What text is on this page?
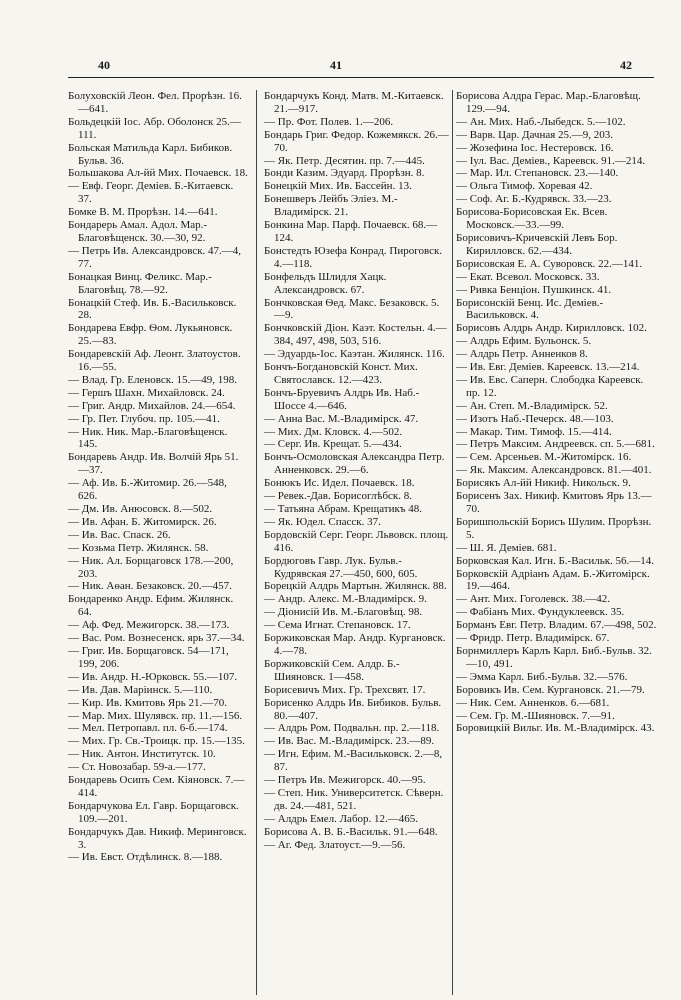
40	41	42

Болуховскій Леон. Фел. Прорѣзн. 16.—641.

Больдецкій Іос. Абр. Оболонск 25.—111.

Больская Матильда Карл. Бибиков. Бульв. 36.

Большакова Ал-йй Мих. Почаевск. 18.

— Евф. Георг. Деміев. Б.-Китаевск. 37.

Бомке В. М. Прорѣзн. 14.—641.

Бондарерь Амал. Адол. Мар.-Благовѣщенск. 30.—30, 92.

— Петрь Ив. Александровск. 47.—4, 77.

Бонацкая Винц. Феликс. Мар.-Благовѣщ. 78.—92.

Бонацкій Стеф. Ив. Б.-Васильковск. 28.

Бондарева Евфр. Ѳом. Лукьяновск. 25.—83.

Бондаревскій Аф. Леонт. Златоустов. 16.—55.

— Влад. Гр. Еленовск. 15.—49, 198.

— Гершъ Шахн. Михайловск. 24.

— Григ. Андр. Михайлов. 24.—654.

— Гр. Пет. Глубоч. пр. 105.—41.

— Ник. Ник. Мар.-Благовѣщенск. 145.

Бондаревь Андр. Ив. Волчій Ярь 51.—37.

— Аф. Ив. Б.-Житомир. 26.—548, 626.

— Дм. Ив. Анюсовск. 8.—502.

— Ив. Афан. Б. Житомирск. 26.

— Ив. Вас. Спаск. 26.

— Козьма Петр. Жилянск. 58.

— Ник. Ал. Борщаговск 178.—200, 203.

— Ник. Аѳан. Безаковск. 20.—457.

Бондаренко Андр. Ефим. Жилянск. 64.

— Аф. Фед. Межигорск. 38.—173.

— Вас. Ром. Вознесенск. ярь 37.—34.

— Григ. Ив. Борщаговск. 54—171, 199, 206.

— Ив. Андр. Н.-Юрковск. 55.—107.

— Ив. Дав. Маріинск. 5.—110.

— Кир. Ив. Кмитовь Ярь 21.—70.

— Мар. Мих. Шулявск. пр. 11.—156.

— Мел. Петропавл. пл. 6-б.—174.

— Мих. Гр. Св.-Троицк. пр. 15.—135.

— Ник. Антон. Институтск. 10.

— Ст. Новозабар. 59-а.—177.

Бондаревь Осипъ Сем. Кіяновск. 7.—414.

Бондарчукова Ел. Гавр. Борщаговск. 109.—201.

Бондарчукъ Дав. Никиф. Меринговск. 3.

— Ив. Евст. Отдѣлинск. 8.—188.

Бондарчукъ Конд. Матв. М.-Китаевск. 21.—917.

— Пр. Фот. Полев. 1.—206.

Бондарь Григ. Федор. Кожемякск. 26.—70.

— Як. Петр. Десятин. пр. 7.—445.

Бонди Казим. Эдуард. Прорѣзн. 8.

Бонецкій Мих. Ив. Бассейн. 13.

Бонешверъ Лейбъ Эліез. М.-Владимірск. 21.

Бонкина Мар. Парф. Почаевск. 68.—124.

Бонстедть Юзефа Конрад. Пироговск. 4.—118.

Бонфельдъ Шлидля Хацк. Александровск. 67.

Бончковская Ѳед. Макс. Безаковск. 5.—9.

Бончковскій Діон. Каэт. Костельн. 4.—384, 497, 498, 503, 516.

— Эдуардь-Іос. Каэтан. Жилянск. 116.

Бончъ-Богдановскій Конст. Мих. Святославск. 12.—423.

Бончъ-Бруевичъ Алдрь Ив. Наб.-Шоссе 4.—646.

— Анна Вас. М.-Владимірск. 47.

— Мих. Дм. Кловск. 4.—502.

— Серг. Ив. Крещат. 5.—434.

Бончъ-Осмоловская Александра Петр. Анненковск. 29.—6.

Бонюкъ Ис. Идел. Почаевск. 18.

— Ревек.-Дав. Борисоглѣбск. 8.

— Татьяна Абрам. Крещатикъ 48.

— Як. Юдел. Спасск. 37.

Бордовскій Серг. Георг. Львовск. площ. 416.

Бордюговъ Гавр. Лук. Бульв.-Кудрявская 27.—450, 600, 605.

Борецкій Алдрь Мартын. Жилянск. 88.

— Андр. Алекс. М.-Владимірск. 9.

— Діонисій Ив. М.-Благовѣщ. 98.

— Сема Игнат. Степановск. 17.

Боржиковская Мар. Андр. Кургановск. 4.—78.

Боржиковскій Сем. Алдр. Б.-Шияновск. 1—458.

Борисевичъ Мих. Гр. Трехсвят. 17.

Борисенко Алдрь Ив. Бибиков. Бульв. 80.—407.

— Алдрь Ром. Подвальн. пр. 2.—118.

— Ив. Вас. М.-Владимірск. 23.—89.

— Игн. Ефим. М.-Васильковск. 2.—8, 87.

— Петръ Ив. Межигорск. 40.—95.

— Степ. Ник. Университетск. Сѣверн. дв. 24.—481, 521.

— Алдрь Емел. Лабор. 12.—465.

Борисова А. В. Б.-Васильк. 91.—648.

— Аг. Фед. Златоуст.—9.—56.

Борисова Алдра Герас. Мар.-Благовѣщ. 129.—94.

— Ан. Мих. Наб.-Лыбедск. 5.—102.

— Варв. Цар. Дачная 25.—9, 203.

— Жозефина Іос. Нестеровск. 16.

— Іул. Вас. Деміев., Кареевск. 91.—214.

— Мар. Ил. Степановск. 23.—140.

— Ольга Тимоф. Хоревая 42.

— Соф. Аг. Б.-Кудрявск. 33.—23.

Борисова-Борисовская Ек. Всев. Московск.—33.—99.

Борисовичъ-Кричевскій Левъ Бор. Кирилловск. 62.—434.

Борисовская Е. А. Суворовск. 22.—141.

— Екат. Всевол. Московск. 33.

— Ривка Бенціон. Пушкинск. 41.

Борисонскій Бенц. Ис. Деміев.-Васильковск. 4.

Борисовъ Алдрь Андр. Кирилловск. 102.

— Алдрь Ефим. Бульонск. 5.

— Алдрь Петр. Анненков 8.

— Ив. Евг. Деміев. Кареевск. 13.—214.

— Ив. Евс. Саперн. Слободка Кареевск. пр. 12.

— Ан. Степ. М.-Владимірск. 52.

— Изотъ Наб.-Печерск. 48.—103.

— Макар. Тим. Тимоф. 15.—414.

— Петръ Максим. Андреевск. сп. 5.—681.

— Сем. Арсеньев. М.-Житомірск. 16.

— Як. Максим. Александровск. 81.—401.

Борисякъ Ал-йй Никиф. Никольск. 9.

Борисенъ Зах. Никиф. Кмитовъ Ярь 13.—70.

Боришпольскій Борисъ Шулим. Прорѣзн. 5.

— Ш. Я. Деміев. 681.

Борковская Кал. Игн. Б.-Васильк. 56.—14.

Борковскій Адріанъ Адам. Б.-Житомірск. 19.—464.

— Ант. Мих. Гоголевск. 38.—42.

— Фабіанъ Мих. Фундуклеевск. 35.

Борманъ Евг. Петр. Владим. 67.—498, 502.

— Фридр. Петр. Владимірск. 67.

Борнмиллеръ Карлъ Карл. Биб.-Бульв. 32.—10, 491.

— Эмма Карл. Биб.-Бульв. 32.—576.

Боровикъ Ив. Сем. Кургановск. 21.—79.

— Ник. Сем. Анненков. 6.—681.

— Сем. Гр. М.-Шияновск. 7.—91.

Боровицкій Вильг. Ив. М.-Владимірск. 43.
